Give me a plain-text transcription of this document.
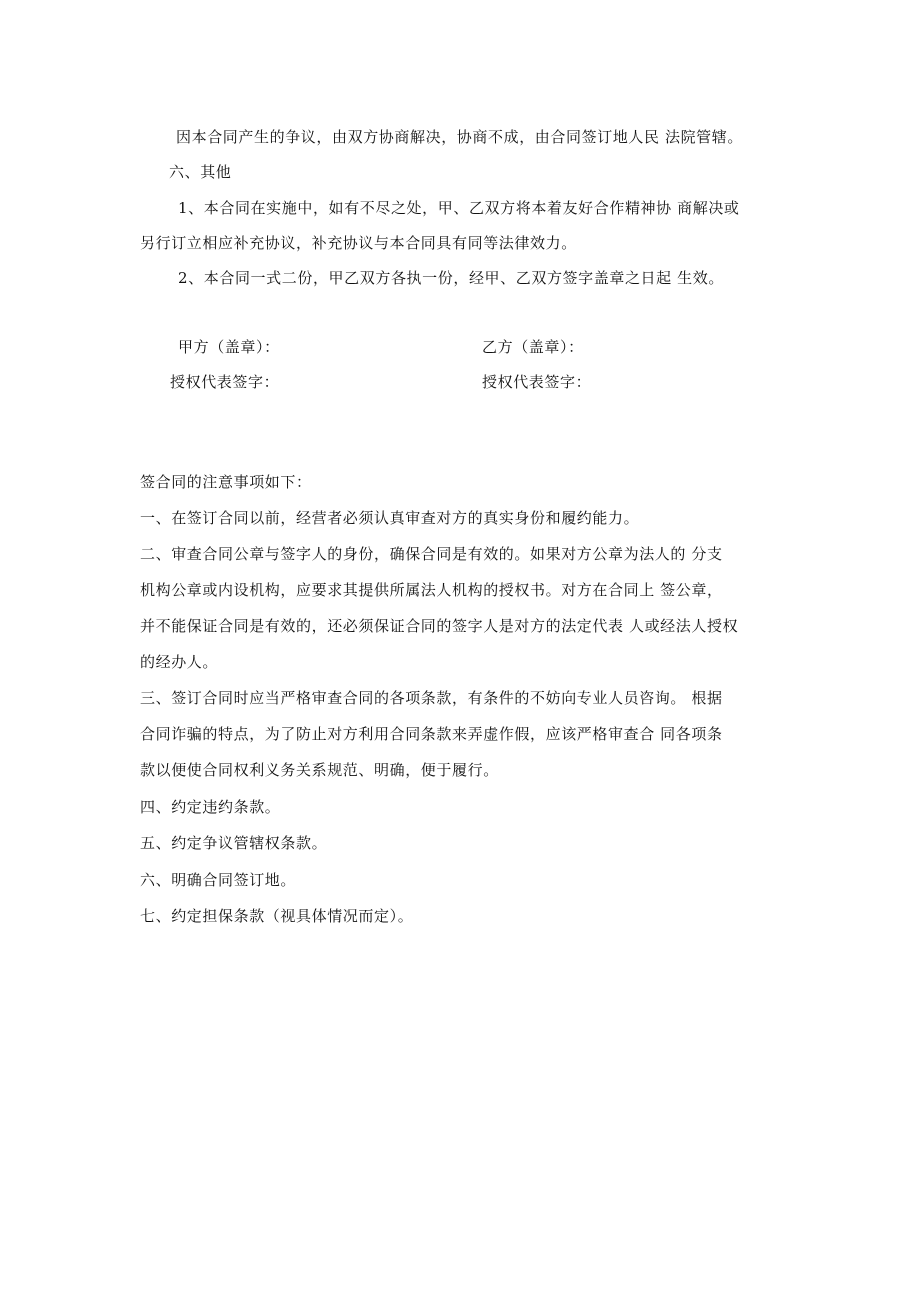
因本合同产生的争议，由双方协商解决，协商不成，由合同签订地人民 法院管辖。
六、其他
1、本合同在实施中，如有不尽之处，甲、乙双方将本着友好合作精神协 商解决或
另行订立相应补充协议，补充协议与本合同具有同等法律效力。
2、本合同一式二份，甲乙双方各执一份，经甲、乙双方签字盖章之日起 生效。
甲方（盖章）：
授权代表签字：
乙方（盖章）：
授权代表签字：
签合同的注意事项如下：
一、在签订合同以前，经营者必须认真审查对方的真实身份和履约能力。
二、审查合同公章与签字人的身份，确保合同是有效的。如果对方公章为法人的 分支
机构公章或内设机构，应要求其提供所属法人机构的授权书。对方在合同上 签公章，
并不能保证合同是有效的，还必须保证合同的签字人是对方的法定代表 人或经法人授权
的经办人。
三、签订合同时应当严格审查合同的各项条款，有条件的不妨向专业人员咨询。 根据
合同诈骗的特点，为了防止对方利用合同条款来弄虚作假，应该严格审查合 同各项条
款以便使合同权利义务关系规范、明确，便于履行。
四、约定违约条款。
五、约定争议管辖权条款。
六、明确合同签订地。
七、约定担保条款（视具体情况而定）。
